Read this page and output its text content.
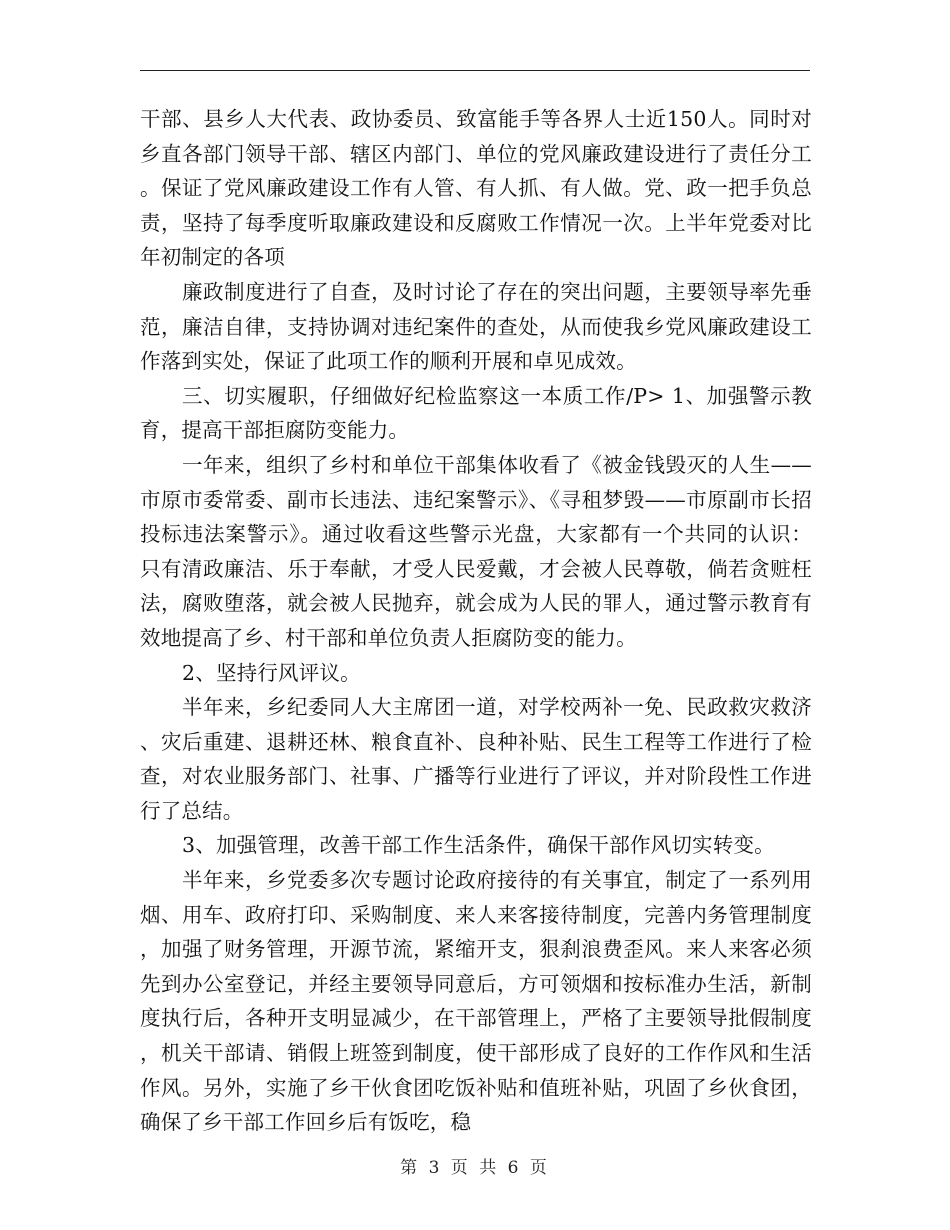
干部、县乡人大代表、政协委员、致富能手等各界人士近150人。同时对乡直各部门领导干部、辖区内部门、单位的党风廉政建设进行了责任分工。保证了党风廉政建设工作有人管、有人抓、有人做。党、政一把手负总责，坚持了每季度听取廉政建设和反腐败工作情况一次。上半年党委对比年初制定的各项

廉政制度进行了自查，及时讨论了存在的突出问题，主要领导率先垂范，廉洁自律，支持协调对违纪案件的查处，从而使我乡党风廉政建设工作落到实处，保证了此项工作的顺利开展和卓见成效。

三、切实履职，仔细做好纪检监察这一本质工作/P> 1、加强警示教育，提高干部拒腐防变能力。

一年来，组织了乡村和单位干部集体收看了《被金钱毁灭的人生——市原市委常委、副市长违法、违纪案警示》、《寻租梦毁——市原副市长招投标违法案警示》。通过收看这些警示光盘，大家都有一个共同的认识：只有清政廉洁、乐于奉献，才受人民爱戴，才会被人民尊敬，倘若贪赃枉法，腐败堕落，就会被人民抛弃，就会成为人民的罪人，通过警示教育有效地提高了乡、村干部和单位负责人拒腐防变的能力。

2、坚持行风评议。

半年来，乡纪委同人大主席团一道，对学校两补一免、民政救灾救济、灾后重建、退耕还林、粮食直补、良种补贴、民生工程等工作进行了检查，对农业服务部门、社事、广播等行业进行了评议，并对阶段性工作进行了总结。

3、加强管理，改善干部工作生活条件，确保干部作风切实转变。

半年来，乡党委多次专题讨论政府接待的有关事宜，制定了一系列用烟、用车、政府打印、采购制度、来人来客接待制度，完善内务管理制度，加强了财务管理，开源节流，紧缩开支，狠刹浪费歪风。来人来客必须先到办公室登记，并经主要领导同意后，方可领烟和按标准办生活，新制度执行后，各种开支明显减少，在干部管理上，严格了主要领导批假制度，机关干部请、销假上班签到制度，使干部形成了良好的工作作风和生活作风。另外，实施了乡干伙食团吃饭补贴和值班补贴，巩固了乡伙食团，确保了乡干部工作回乡后有饭吃，稳

第 3 页 共 6 页
